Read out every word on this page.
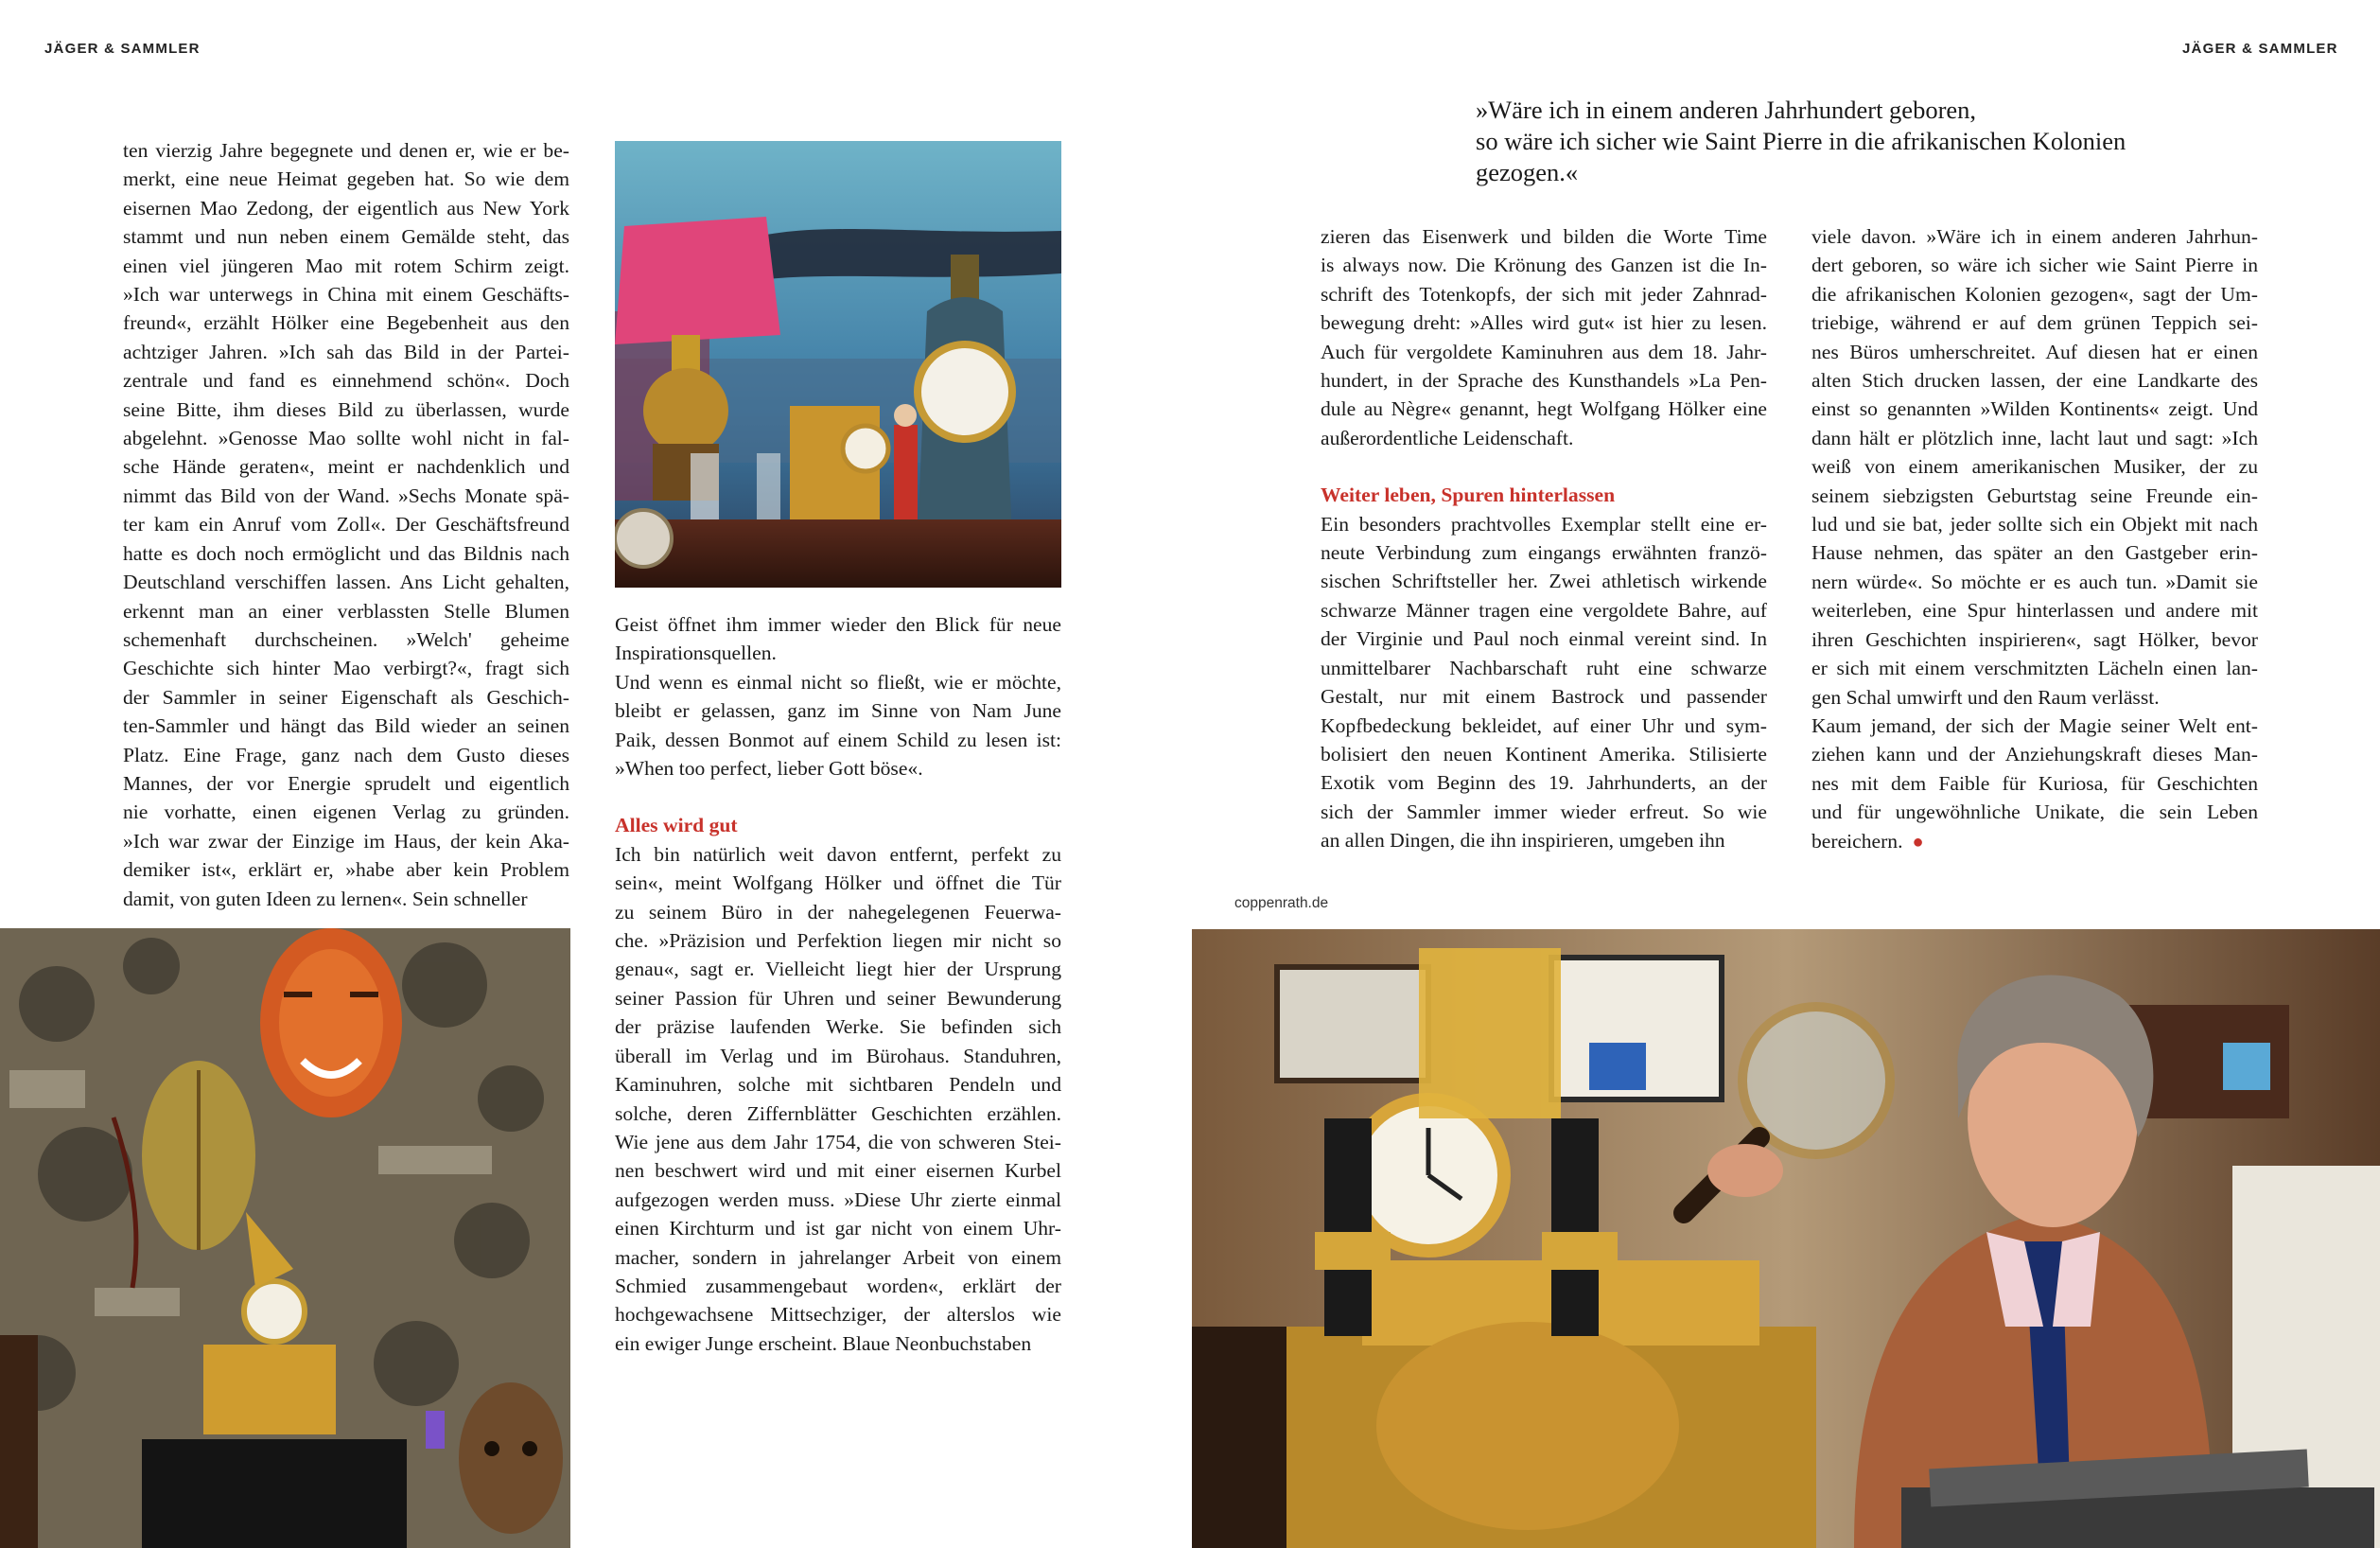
JÄGER & SAMMLER	JÄGER & SAMMLER
ten vierzig Jahre begegnete und denen er, wie er be-
merkt, eine neue Heimat gegeben hat. So wie dem
eisernen Mao Zedong, der eigentlich aus New York
stammt und nun neben einem Gemälde steht, das
einen viel jüngeren Mao mit rotem Schirm zeigt.
»Ich war unterwegs in China mit einem Geschäfts-
freund«, erzählt Hölker eine Begebenheit aus den
achtziger Jahren. »Ich sah das Bild in der Partei-
zentrale und fand es einnehmend schön«. Doch
seine Bitte, ihm dieses Bild zu überlassen, wurde
abgelehnt. »Genosse Mao sollte wohl nicht in fal-
sche Hände geraten«, meint er nachdenklich und
nimmt das Bild von der Wand. »Sechs Monate spä-
ter kam ein Anruf vom Zoll«. Der Geschäftsfreund
hatte es doch noch ermöglicht und das Bildnis nach
Deutschland verschiffen lassen. Ans Licht gehalten,
erkennt man an einer verblassten Stelle Blumen
schemenhaft durchscheinen. »Welch' geheime
Geschichte sich hinter Mao verbirgt?«, fragt sich
der Sammler in seiner Eigenschaft als Geschich-
ten-Sammler und hängt das Bild wieder an seinen
Platz. Eine Frage, ganz nach dem Gusto dieses
Mannes, der vor Energie sprudelt und eigentlich
nie vorhatte, einen eigenen Verlag zu gründen.
»Ich war zwar der Einzige im Haus, der kein Aka-
demiker ist«, erklärt er, »habe aber kein Problem
damit, von guten Ideen zu lernen«. Sein schneller
Geist öffnet ihm immer wieder den Blick für neue
Inspirationsquellen.
Und wenn es einmal nicht so fließt, wie er möchte,
bleibt er gelassen, ganz im Sinne von Nam June
Paik, dessen Bonmot auf einem Schild zu lesen ist:
»When too perfect, lieber Gott böse«.

Alles wird gut

Ich bin natürlich weit davon entfernt, perfekt zu
sein«, meint Wolfgang Hölker und öffnet die Tür
zu seinem Büro in der nahegelegenen Feuerwa-
che. »Präzision und Perfektion liegen mir nicht so
genau«, sagt er. Vielleicht liegt hier der Ursprung
seiner Passion für Uhren und seiner Bewunderung
der präzise laufenden Werke. Sie befinden sich
überall im Verlag und im Bürohaus. Standuhren,
Kaminuhren, solche mit sichtbaren Pendeln und
solche, deren Ziffernblätter Geschichten erzählen.
Wie jene aus dem Jahr 1754, die von schweren Stei-
nen beschwert wird und mit einer eisernen Kurbel
aufgezogen werden muss. »Diese Uhr zierte einmal
einen Kirchturm und ist gar nicht von einem Uhr-
macher, sondern in jahrelanger Arbeit von einem
Schmied zusammengebaut worden«, erklärt der
hochgewachsene Mittsechziger, der alterslos wie
ein ewiger Junge erscheint. Blaue Neonbuchstaben
»Wäre ich in einem anderen Jahrhundert geboren,
so wäre ich sicher wie Saint Pierre in die afrikanischen Kolonien
gezogen.«
zieren das Eisenwerk und bilden die Worte Time
is always now. Die Krönung des Ganzen ist die In-
schrift des Totenkopfs, der sich mit jeder Zahnrad-
bewegung dreht: »Alles wird gut« ist hier zu lesen.
Auch für vergoldete Kaminuhren aus dem 18. Jahr-
hundert, in der Sprache des Kunsthandels »La Pen-
dule au Nègre« genannt, hegt Wolfgang Hölker eine
außerordentliche Leidenschaft.

Weiter leben, Spuren hinterlassen

Ein besonders prachtvolles Exemplar stellt eine er-
neute Verbindung zum eingangs erwähnten franzö-
sischen Schriftsteller her. Zwei athletisch wirkende
schwarze Männer tragen eine vergoldete Bahre, auf
der Virginie und Paul noch einmal vereint sind. In
unmittelbarer Nachbarschaft ruht eine schwarze
Gestalt, nur mit einem Bastrock und passender
Kopfbedeckung bekleidet, auf einer Uhr und sym-
bolisiert den neuen Kontinent Amerika. Stilisierte
Exotik vom Beginn des 19. Jahrhunderts, an der
sich der Sammler immer wieder erfreut. So wie
an allen Dingen, die ihn inspirieren, umgeben ihn
viele davon. »Wäre ich in einem anderen Jahrhun-
dert geboren, so wäre ich sicher wie Saint Pierre in
die afrikanischen Kolonien gezogen«, sagt der Um-
triebige, während er auf dem grünen Teppich sei-
nes Büros umherschreitet. Auf diesen hat er einen
alten Stich drucken lassen, der eine Landkarte des
einst so genannten »Wilden Kontinents« zeigt. Und
dann hält er plötzlich inne, lacht laut und sagt: »Ich
weiß von einem amerikanischen Musiker, der zu
seinem siebzigsten Geburtstag seine Freunde ein-
lud und sie bat, jeder sollte sich ein Objekt mit nach
Hause nehmen, das später an den Gastgeber erin-
nern würde«. So möchte er es auch tun. »Damit sie
weiterleben, eine Spur hinterlassen und andere mit
ihren Geschichten inspirieren«, sagt Hölker, bevor
er sich mit einem verschmitzten Lächeln einen lan-
gen Schal umwirft und den Raum verlässt.
Kaum jemand, der sich der Magie seiner Welt ent-
ziehen kann und der Anziehungskraft dieses Man-
nes mit dem Faible für Kuriosa, für Geschichten
und für ungewöhnliche Unikate, die sein Leben
bereichern.  ●
coppenrath.de
